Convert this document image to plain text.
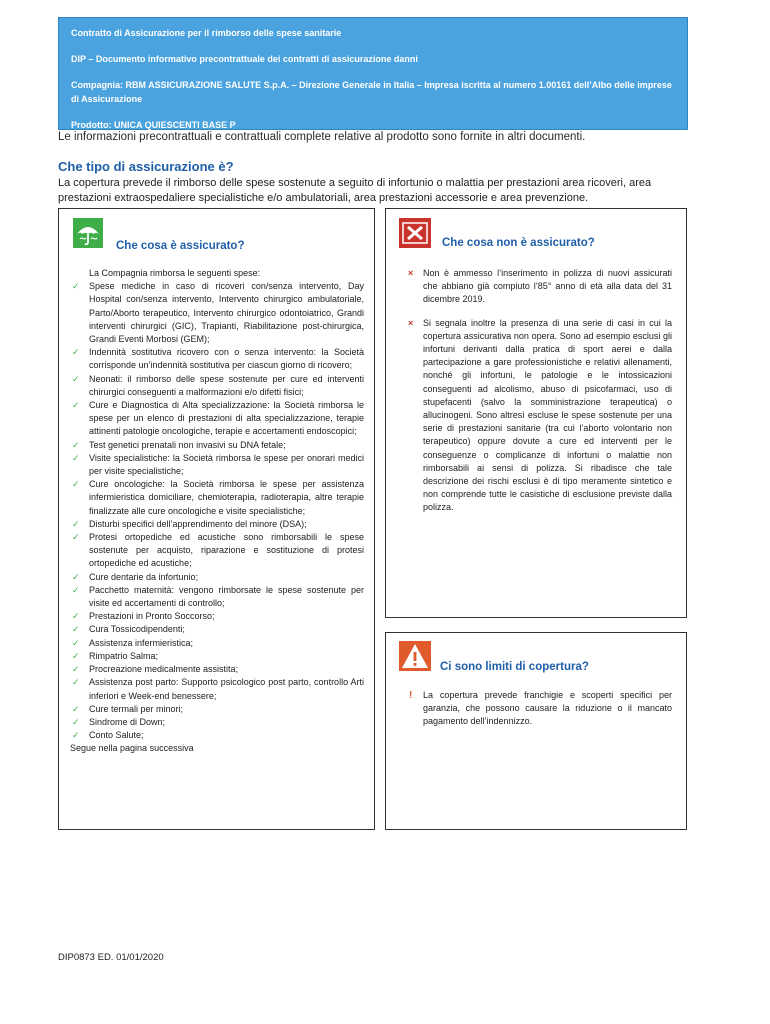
Contratto di Assicurazione per il rimborso delle spese sanitarie

DIP – Documento informativo precontrattuale dei contratti di assicurazione danni

Compagnia: RBM ASSICURAZIONE SALUTE S.p.A. – Direzione Generale in Italia – Impresa iscritta al numero 1.00161 dell’Albo delle imprese di Assicurazione

Prodotto: UNICA QUIESCENTI BASE P

Le informazioni precontrattuali e contrattuali complete relative al prodotto sono fornite in altri documenti.
Che tipo di assicurazione è?
La copertura prevede il rimborso delle spese sostenute a seguito di infortunio o malattia per prestazioni area ricoveri, area prestazioni extraospedaliere specialistiche e/o ambulatoriali, area prestazioni accessorie e area prevenzione.
Che cosa è assicurato?	Che cosa non è assicurato?
Ci sono limiti di copertura?
La Compagnia rimborsa le seguenti spese:
✓ Spese mediche in caso di ricoveri con/senza intervento, Day Hospital con/senza intervento, Intervento chirurgico ambulatoriale, Parto/Aborto terapeutico, Intervento chirurgico odontoiatrico, Grandi interventi chirurgici (GIC), Trapianti, Riabilitazione post-chirurgica, Grandi Eventi Morbosi (GEM);
✓ Indennità sostitutiva ricovero con o senza intervento: la Società corrisponde un’indennità sostitutiva per ciascun giorno di ricovero;
✓ Neonati: il rimborso delle spese sostenute per cure ed interventi chirurgici conseguenti a malformazioni e/o difetti fisici;
✓ Cure e Diagnostica di Alta specializzazione: la Società rimborsa le spese per un elenco di prestazioni di alta specializzazione, terapie attinenti patologie oncologiche, terapie e accertamenti endoscopici;
✓ Test genetici prenatali non invasivi su DNA fetale;
✓ Visite specialistiche: la Società rimborsa le spese per onorari medici per visite specialistiche;
✓ Cure oncologiche: la Società rimborsa le spese per assistenza infermieristica domiciliare, chemioterapia, radioterapia, altre terapie finalizzate alle cure oncologiche e visite specialistiche;
✓ Disturbi specifici dell’apprendimento del minore (DSA);
✓ Protesi ortopediche ed acustiche sono rimborsabili le spese sostenute per acquisto, riparazione e sostituzione di protesi ortopediche ed acustiche;
✓ Cure dentarie da infortunio;
✓ Pacchetto maternità: vengono rimborsate le spese sostenute per visite ed accertamenti di controllo;
✓ Prestazioni in Pronto Soccorso;
✓ Cura Tossicodipendenti;
✓ Assistenza infermieristica;
✓ Rimpatrio Salma;
✓ Procreazione medicalmente assistita;
✓ Assistenza post parto: Supporto psicologico post parto, controllo Arti inferiori e Week-end benessere;
✓ Cure termali per minori;
✓ Sindrome di Down;
✓ Conto Salute;
Segue nella pagina successiva
× Non è ammesso l’inserimento in polizza di nuovi assicurati che abbiano già compiuto l’85° anno di età alla data del 31 dicembre 2019.
× Si segnala inoltre la presenza di una serie di casi in cui la copertura assicurativa non opera. Sono ad esempio esclusi gli infortuni derivanti dalla pratica di sport aerei e dalla partecipazione a gare professionistiche e relativi allenamenti, nonché gli infortuni, le patologie e le intossicazioni conseguenti ad alcolismo, abuso di psicofarmaci, uso di stupefacenti (salvo la somministrazione terapeutica) o allucinogeni. Sono altresì escluse le spese sostenute per una serie di prestazioni sanitarie (tra cui l’aborto volontario non terapeutico) oppure dovute a cure ed interventi per le conseguenze o complicanze di infortuni o malattie non rimborsabili ai sensi di polizza. Si ribadisce che tale descrizione dei rischi esclusi è di tipo meramente sintetico e non comprende tutte le casistiche di esclusione previste dalla polizza.
! La copertura prevede franchigie e scoperti specifici per garanzia, che possono causare la riduzione o il mancato pagamento dell’indennizzo.
DIP0873 ED. 01/01/2020
